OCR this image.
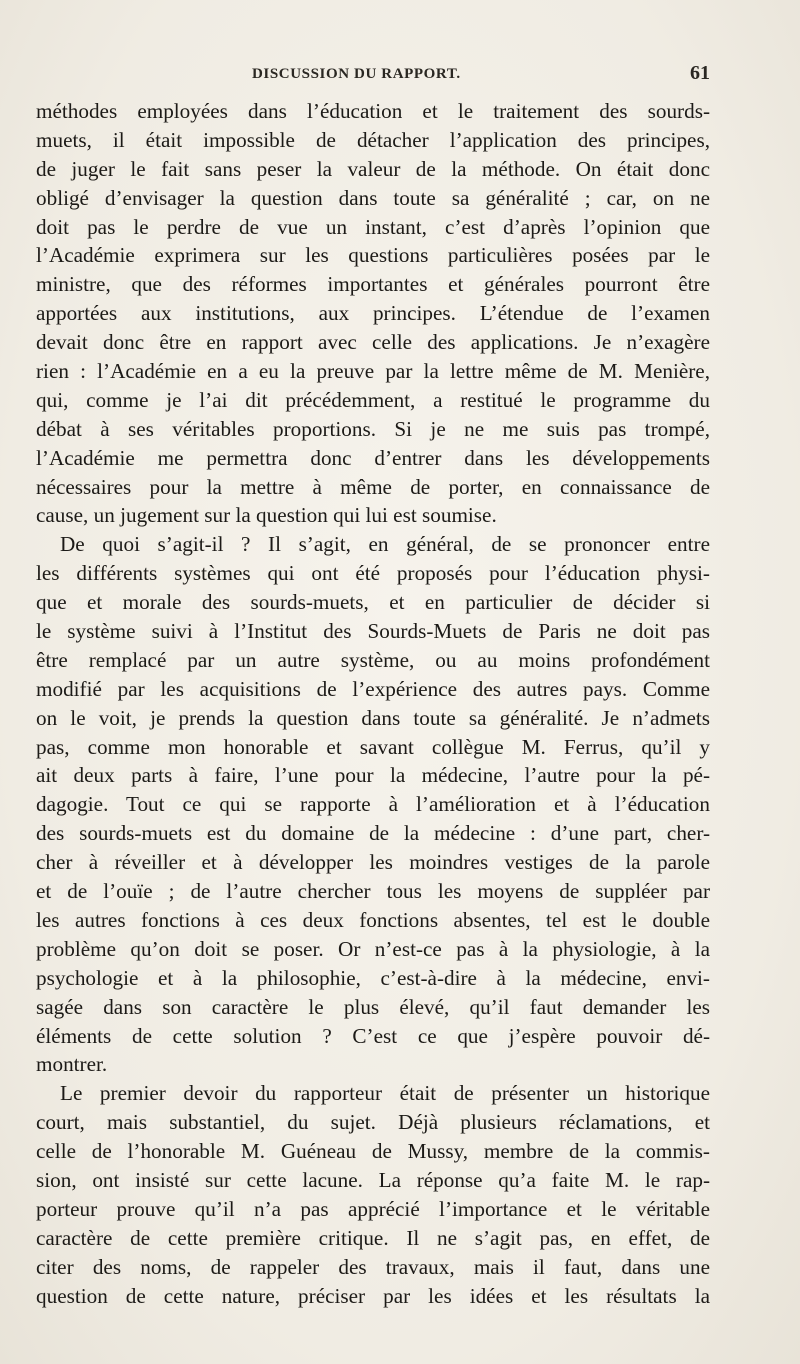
DISCUSSION DU RAPPORT.	61
méthodes employées dans l’éducation et le traitement des sourds-
muets, il était impossible de détacher l’application des principes,
de juger le fait sans peser la valeur de la méthode. On était donc
obligé d’envisager la question dans toute sa généralité ; car, on ne
doit pas le perdre de vue un instant, c’est d’après l’opinion que
l’Académie exprimera sur les questions particulières posées par le
ministre, que des réformes importantes et générales pourront être
apportées aux institutions, aux principes. L’étendue de l’examen
devait donc être en rapport avec celle des applications. Je n’exagère
rien : l’Académie en a eu la preuve par la lettre même de M. Menière,
qui, comme je l’ai dit précédemment, a restitué le programme du
débat à ses véritables proportions. Si je ne me suis pas trompé,
l’Académie me permettra donc d’entrer dans les développements
nécessaires pour la mettre à même de porter, en connaissance de
cause, un jugement sur la question qui lui est soumise.
De quoi s’agit-il ? Il s’agit, en général, de se prononcer entre
les différents systèmes qui ont été proposés pour l’éducation physi-
que et morale des sourds-muets, et en particulier de décider si
le système suivi à l’Institut des Sourds-Muets de Paris ne doit pas
être remplacé par un autre système, ou au moins profondément
modifié par les acquisitions de l’expérience des autres pays. Comme
on le voit, je prends la question dans toute sa généralité. Je n’admets
pas, comme mon honorable et savant collègue M. Ferrus, qu’il y
ait deux parts à faire, l’une pour la médecine, l’autre pour la pé-
dagogie. Tout ce qui se rapporte à l’amélioration et à l’éducation
des sourds-muets est du domaine de la médecine : d’une part, cher-
cher à réveiller et à développer les moindres vestiges de la parole
et de l’ouïe ; de l’autre chercher tous les moyens de suppléer par
les autres fonctions à ces deux fonctions absentes, tel est le double
problème qu’on doit se poser. Or n’est-ce pas à la physiologie, à la
psychologie et à la philosophie, c’est-à-dire à la médecine, envi-
sagée dans son caractère le plus élevé, qu’il faut demander les
éléments de cette solution ? C’est ce que j’espère pouvoir dé-
montrer.
Le premier devoir du rapporteur était de présenter un historique
court, mais substantiel, du sujet. Déjà plusieurs réclamations, et
celle de l’honorable M. Guéneau de Mussy, membre de la commis-
sion, ont insisté sur cette lacune. La réponse qu’a faite M. le rap-
porteur prouve qu’il n’a pas apprécié l’importance et le véritable
caractère de cette première critique. Il ne s’agit pas, en effet, de
citer des noms, de rappeler des travaux, mais il faut, dans une
question de cette nature, préciser par les idées et les résultats la
